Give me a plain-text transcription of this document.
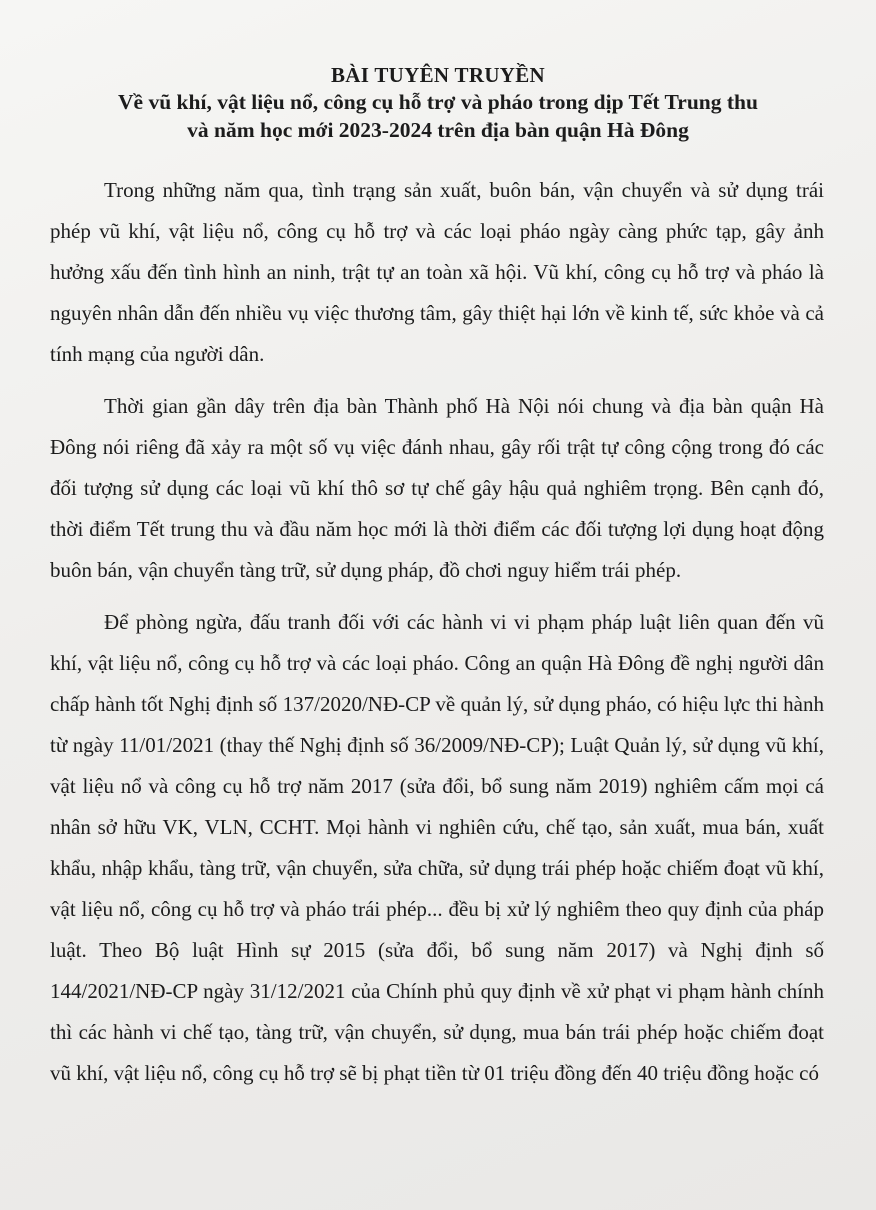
BÀI TUYÊN TRUYỀN
Về vũ khí, vật liệu nổ, công cụ hỗ trợ và pháo trong dịp Tết Trung thu
và năm học mới 2023-2024 trên địa bàn quận Hà Đông

Trong những năm qua, tình trạng sản xuất, buôn bán, vận chuyển và sử dụng trái phép vũ khí, vật liệu nổ, công cụ hỗ trợ và các loại pháo ngày càng phức tạp, gây ảnh hưởng xấu đến tình hình an ninh, trật tự an toàn xã hội. Vũ khí, công cụ hỗ trợ và pháo là nguyên nhân dẫn đến nhiều vụ việc thương tâm, gây thiệt hại lớn về kinh tế, sức khỏe và cả tính mạng của người dân.

Thời gian gần dây trên địa bàn Thành phố Hà Nội nói chung và địa bàn quận Hà Đông nói riêng đã xảy ra một số vụ việc đánh nhau, gây rối trật tự công cộng trong đó các đối tượng sử dụng các loại vũ khí thô sơ tự chế gây hậu quả nghiêm trọng. Bên cạnh đó, thời điểm Tết trung thu và đầu năm học mới là thời điểm các đối tượng lợi dụng hoạt động buôn bán, vận chuyển tàng trữ, sử dụng pháp, đồ chơi nguy hiểm trái phép.

Để phòng ngừa, đấu tranh đối với các hành vi vi phạm pháp luật liên quan đến vũ khí, vật liệu nổ, công cụ hỗ trợ và các loại pháo. Công an quận Hà Đông đề nghị người dân chấp hành tốt Nghị định số 137/2020/NĐ-CP về quản lý, sử dụng pháo, có hiệu lực thi hành từ ngày 11/01/2021 (thay thế Nghị định số 36/2009/NĐ-CP); Luật Quản lý, sử dụng vũ khí, vật liệu nổ và công cụ hỗ trợ năm 2017 (sửa đổi, bổ sung năm 2019) nghiêm cấm mọi cá nhân sở hữu VK, VLN, CCHT. Mọi hành vi nghiên cứu, chế tạo, sản xuất, mua bán, xuất khẩu, nhập khẩu, tàng trữ, vận chuyển, sửa chữa, sử dụng trái phép hoặc chiếm đoạt vũ khí, vật liệu nổ, công cụ hỗ trợ và pháo trái phép... đều bị xử lý nghiêm theo quy định của pháp luật. Theo Bộ luật Hình sự 2015 (sửa đổi, bổ sung năm 2017) và Nghị định số 144/2021/NĐ-CP ngày 31/12/2021 của Chính phủ quy định về xử phạt vi phạm hành chính thì các hành vi chế tạo, tàng trữ, vận chuyển, sử dụng, mua bán trái phép hoặc chiếm đoạt vũ khí, vật liệu nổ, công cụ hỗ trợ sẽ bị phạt tiền từ 01 triệu đồng đến 40 triệu đồng hoặc có
